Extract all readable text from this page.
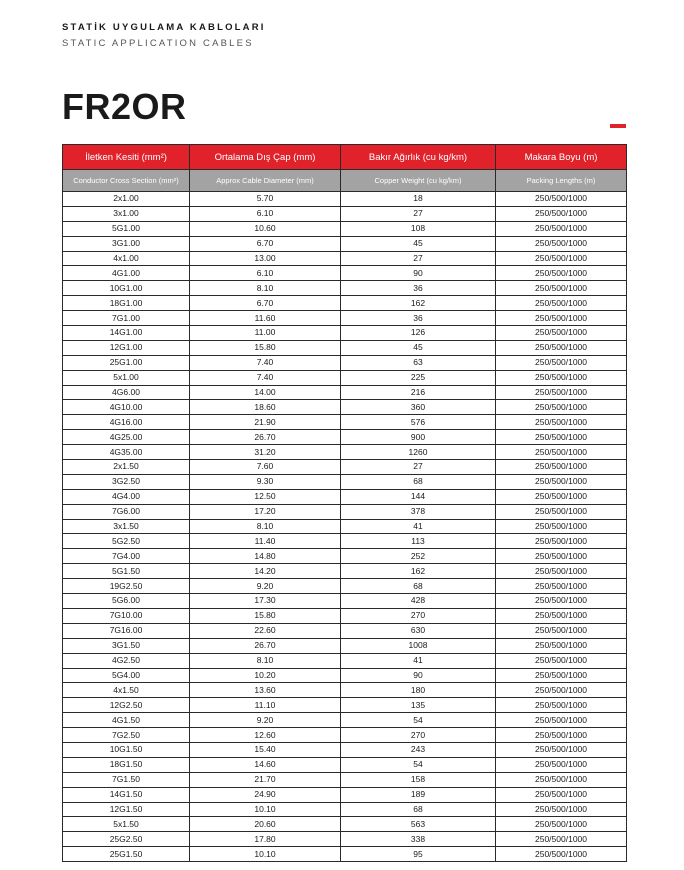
STATİK UYGULAMA KABLOLARI
STATIC APPLICATION CABLES
FR2OR
İletken Kesiti (mm²)	Ortalama Dış Çap (mm)	Bakır Ağırlık (cu kg/km)	Makara Boyu (m)
Conductor Cross Section (mm²)	Approx Cable Diameter (mm)	Copper Weight (cu kg/km)	Packing Lengths (m)
2x1.00	5.70	18	250/500/1000
3x1.00	6.10	27	250/500/1000
5G1.00	10.60	108	250/500/1000
3G1.00	6.70	45	250/500/1000
4x1.00	13.00	27	250/500/1000
4G1.00	6.10	90	250/500/1000
10G1.00	8.10	36	250/500/1000
18G1.00	6.70	162	250/500/1000
7G1.00	11.60	36	250/500/1000
14G1.00	11.00	126	250/500/1000
12G1.00	15.80	45	250/500/1000
25G1.00	7.40	63	250/500/1000
5x1.00	7.40	225	250/500/1000
4G6.00	14.00	216	250/500/1000
4G10.00	18.60	360	250/500/1000
4G16.00	21.90	576	250/500/1000
4G25.00	26.70	900	250/500/1000
4G35.00	31.20	1260	250/500/1000
2x1.50	7.60	27	250/500/1000
3G2.50	9.30	68	250/500/1000
4G4.00	12.50	144	250/500/1000
7G6.00	17.20	378	250/500/1000
3x1.50	8.10	41	250/500/1000
5G2.50	11.40	113	250/500/1000
7G4.00	14.80	252	250/500/1000
5G1.50	14.20	162	250/500/1000
19G2.50	9.20	68	250/500/1000
5G6.00	17.30	428	250/500/1000
7G10.00	15.80	270	250/500/1000
7G16.00	22.60	630	250/500/1000
3G1.50	26.70	1008	250/500/1000
4G2.50	8.10	41	250/500/1000
5G4.00	10.20	90	250/500/1000
4x1.50	13.60	180	250/500/1000
12G2.50	11.10	135	250/500/1000
4G1.50	9.20	54	250/500/1000
7G2.50	12.60	270	250/500/1000
10G1.50	15.40	243	250/500/1000
18G1.50	14.60	54	250/500/1000
7G1.50	21.70	158	250/500/1000
14G1.50	24.90	189	250/500/1000
12G1.50	10.10	68	250/500/1000
5x1.50	20.60	563	250/500/1000
25G2.50	17.80	338	250/500/1000
25G1.50	10.10	95	250/500/1000
